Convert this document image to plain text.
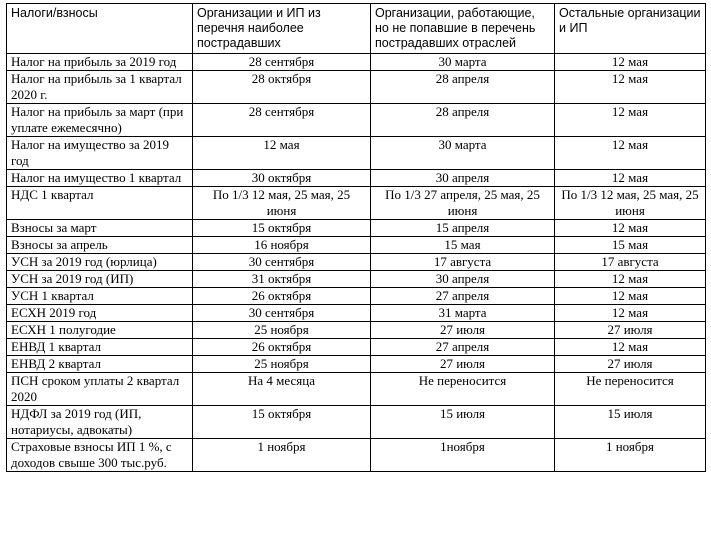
Налоги/взносы	Организации и ИП из перечня наиболее пострадавших	Организации, работающие, но не попавшие в перечень пострадавших отраслей	Остальные организации и ИП
Налог на прибыль за 2019 год	28 сентября	30 марта	12 мая
Налог на прибыль за 1 квартал 2020 г.	28 октября	28 апреля	12 мая
Налог на прибыль за март (при уплате ежемесячно)	28 сентября	28 апреля	12 мая
Налог на имущество за 2019 год	12 мая	30 марта	12 мая
Налог на имущество 1 квартал	30 октября	30 апреля	12 мая
НДС 1 квартал	По 1/3 12 мая, 25 мая, 25 июня	По 1/3 27 апреля, 25 мая, 25 июня	По 1/3 12 мая, 25 мая, 25 июня
Взносы за март	15 октября	15 апреля	12 мая
Взносы за апрель	16 ноября	15 мая	15 мая
УСН за 2019 год (юрлица)	30 сентября	17 августа	17 августа
УСН за 2019 год (ИП)	31 октября	30 апреля	12 мая
УСН 1 квартал	26 октября	27 апреля	12 мая
ЕСХН 2019 год	30 сентября	31 марта	12 мая
ЕСХН 1 полугодие	25 ноября	27 июля	27 июля
ЕНВД 1 квартал	26 октября	27 апреля	12 мая
ЕНВД 2 квартал	25 ноября	27 июля	27 июля
ПСН сроком уплаты 2 квартал 2020	На 4 месяца	Не переносится	Не переносится
НДФЛ за 2019 год (ИП, нотариусы, адвокаты)	15 октября	15 июля	15 июля
Страховые взносы ИП 1 %, с доходов свыше 300 тыс.руб.	1 ноября	1ноября	1 ноября
